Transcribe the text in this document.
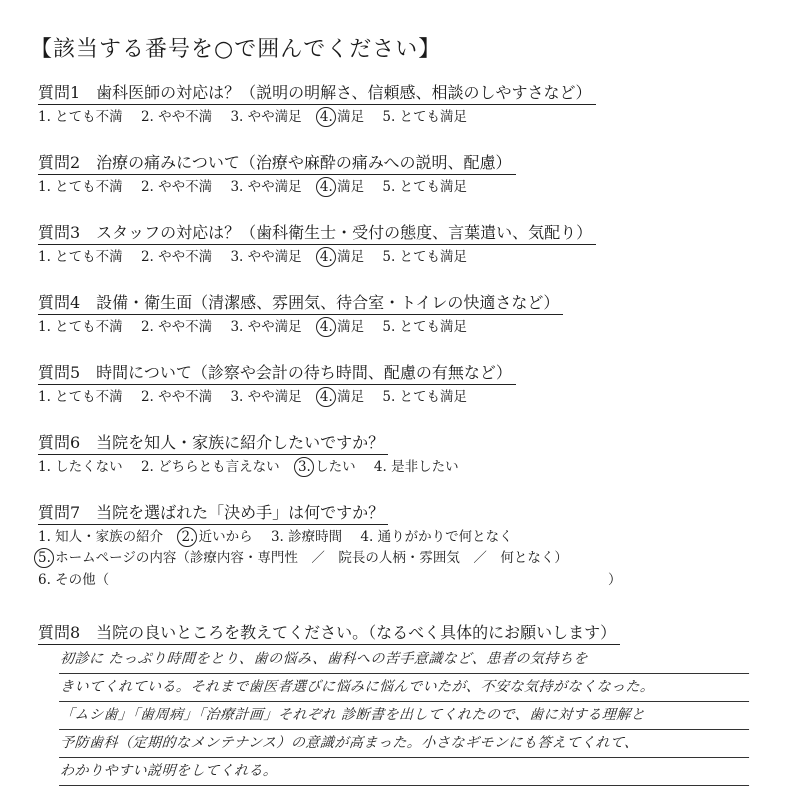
【該当する番号を○で囲んでください】
質問1　歯科医師の対応は？（説明の明解さ、信頼感、相談のしやすさなど）
1. とても不満 2. やや不満 3. やや満足 4. 満足 5. とても満足
質問2　治療の痛みについて（治療や麻酔の痛みへの説明、配慮）
1. とても不満 2. やや不満 3. やや満足 4. 満足 5. とても満足
質問3　スタッフの対応は？（歯科衛生士・受付の態度、言葉遣い、気配り）
1. とても不満 2. やや不満 3. やや満足 4. 満足 5. とても満足
質問4　設備・衛生面（清潔感、雰囲気、待合室・トイレの快適さなど）
1. とても不満 2. やや不満 3. やや満足 4. 満足 5. とても満足
質問5　時間について（診察や会計の待ち時間、配慮の有無など）
1. とても不満 2. やや不満 3. やや満足 4. 満足 5. とても満足
質問6　当院を知人・家族に紹介したいですか？
1. したくない 2. どちらとも言えない 3. したい 4. 是非したい
質問7　当院を選ばれた「決め手」は何ですか？
1. 知人・家族の紹介 2. 近いから 3. 診療時間 4. 通りがかりで何となく
5. ホームページの内容（診療内容・専門性　／　院長の人柄・雰囲気　／　何となく）
6. その他（	）
質問8　当院の良いところを教えてください。（なるべく具体的にお願いします）
初診に たっぷり時間をとり、歯の悩み、歯科への苦手意識など、患者の気持ちを
きいてくれている。それまで歯医者選びに悩みに悩んでいたが、不安な気持がなくなった。
「ムシ歯」「歯周病」「治療計画」それぞれ 診断書を出してくれたので、歯に対する理解と
予防歯科（定期的なメンテナンス）の意識が高まった。小さなギモンにも答えてくれて、
わかりやすい説明をしてくれる。
